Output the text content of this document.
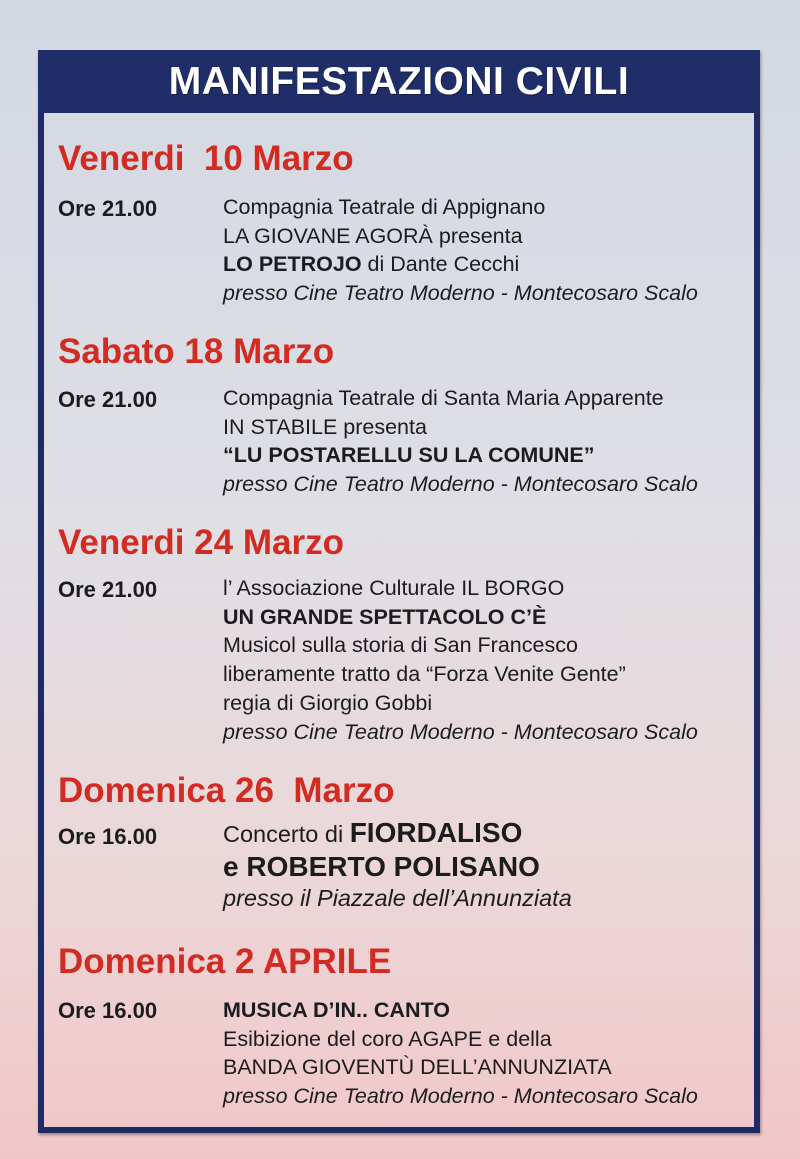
MANIFESTAZIONI CIVILI
Venerdi  10 Marzo
Ore 21.00	Compagnia Teatrale di Appignano
LA GIOVANE AGORÀ presenta
LO PETROJO di Dante Cecchi
presso Cine Teatro Moderno - Montecosaro Scalo
Sabato 18 Marzo
Ore 21.00	Compagnia Teatrale di Santa Maria Apparente
IN STABILE presenta
“LU POSTARELLU SU LA COMUNE”
presso Cine Teatro Moderno - Montecosaro Scalo
Venerdi 24 Marzo
Ore 21.00	l’ Associazione Culturale IL BORGO
UN GRANDE SPETTACOLO C’È
Musicol sulla storia di San Francesco
liberamente tratto da “Forza Venite Gente”
regia di Giorgio Gobbi
presso Cine Teatro Moderno - Montecosaro Scalo
Domenica 26  Marzo
Ore 16.00	Concerto di FIORDALISO
e ROBERTO POLISANO
presso il Piazzale dell’Annunziata
Domenica 2 APRILE
Ore 16.00	MUSICA D’IN.. CANTO
Esibizione del coro AGAPE e della
BANDA GIOVENTÙ DELL’ANNUNZIATA
presso Cine Teatro Moderno - Montecosaro Scalo
